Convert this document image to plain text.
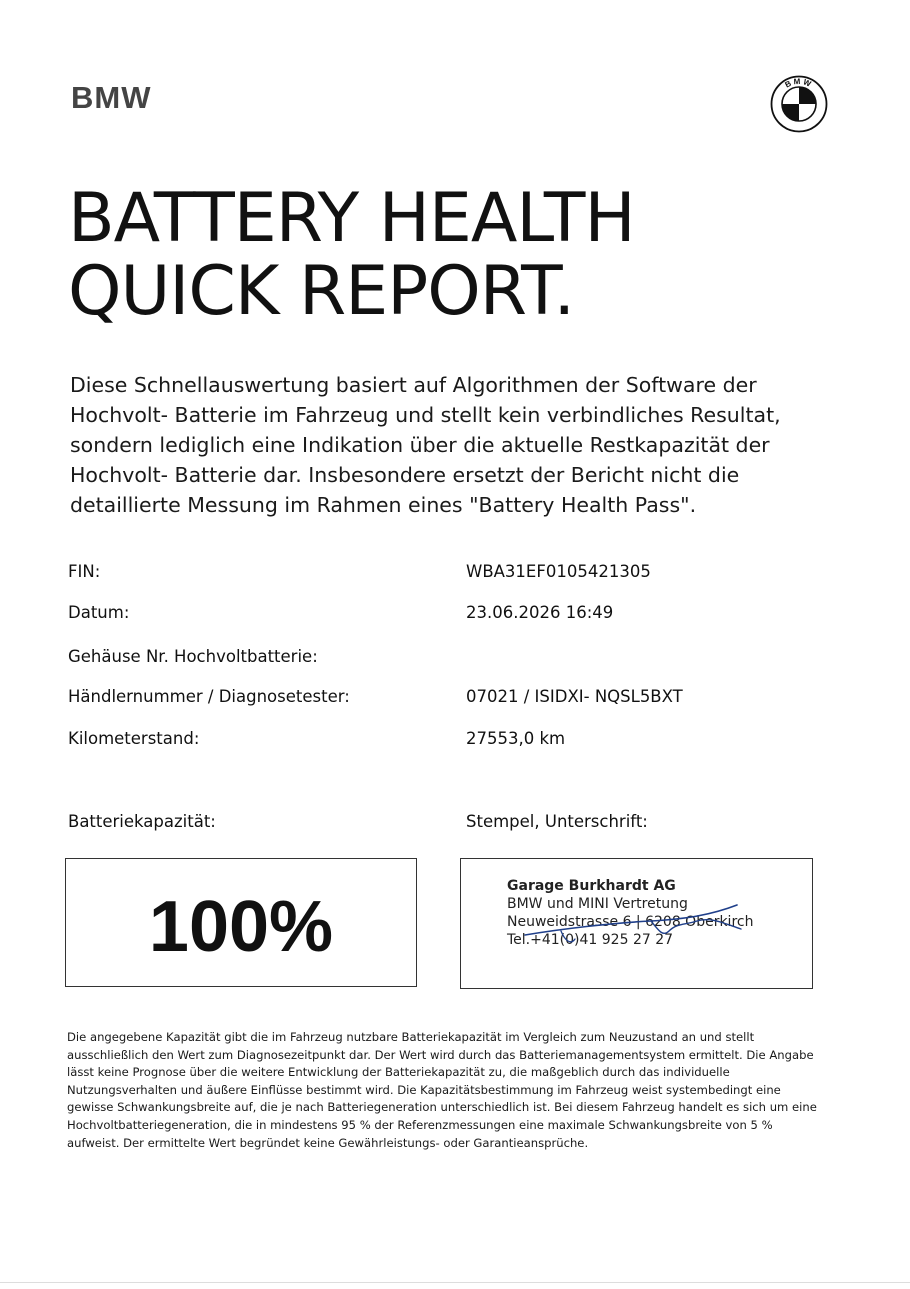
BMW	BMW
BATTERY HEALTH
QUICK REPORT.

Diese Schnellauswertung basiert auf Algorithmen der Software der Hochvolt- Batterie im Fahrzeug und stellt kein verbindliches Resultat, sondern lediglich eine Indikation über die aktuelle Restkapazität der Hochvolt- Batterie dar. Insbesondere ersetzt der Bericht nicht die detaillierte Messung im Rahmen eines "Battery Health Pass".

FIN:	WBA31EF0105421305
Datum:	23.06.2026 16:49
Gehäuse Nr. Hochvoltbatterie:
Händlernummer / Diagnosetester:	07021 / ISIDXI- NQSL5BXT
Kilometerstand:	27553,0 km
Batteriekapazität:	Stempel, Unterschrift:
100%
Garage Burkhardt AG
BMW und MINI Vertretung
Neuweidstrasse 6 | 6208 Oberkirch
Tel.+41(0)41 925 27 27

Die angegebene Kapazität gibt die im Fahrzeug nutzbare Batteriekapazität im Vergleich zum Neuzustand an und stellt ausschließlich den Wert zum Diagnosezeitpunkt dar. Der Wert wird durch das Batteriemanagementsystem ermittelt. Die Angabe lässt keine Prognose über die weitere Entwicklung der Batteriekapazität zu, die maßgeblich durch das individuelle Nutzungsverhalten und äußere Einflüsse bestimmt wird. Die Kapazitätsbestimmung im Fahrzeug weist systembedingt eine gewisse Schwankungsbreite auf, die je nach Batteriegeneration unterschiedlich ist. Bei diesem Fahrzeug handelt es sich um eine Hochvoltbatteriegeneration, die in mindestens 95 % der Referenzmessungen eine maximale Schwankungsbreite von 5 % aufweist. Der ermittelte Wert begründet keine Gewährleistungs- oder Garantieansprüche.
